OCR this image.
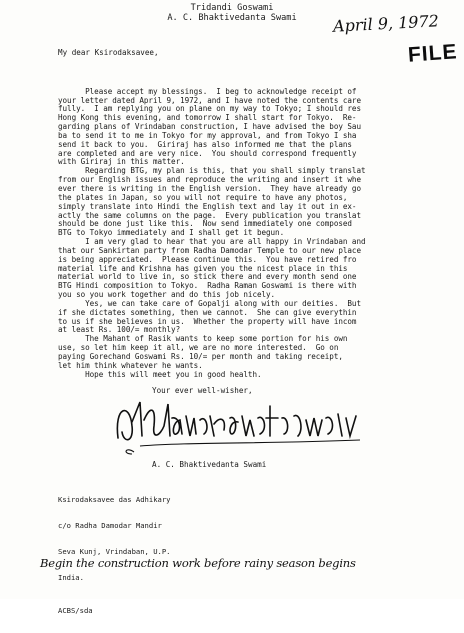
Tridandi Goswami
A. C. Bhaktivedanta Swami	April 9, 1972
FILE
My dear Ksirodaksavee,

Please accept my blessings.  I beg to acknowledge receipt of
your letter dated April 9, 1972, and I have noted the contents care
fully.  I am replying you on plane on my way to Tokyo; I should res
Hong Kong this evening, and tomorrow I shall start for Tokyo.  Re-
garding plans of Vrindaban construction, I have advised the boy Sau
ba to send it to me in Tokyo for my approval, and from Tokyo I sha
send it back to you.  Giriraj has also informed me that the plans
are completed and are very nice.  You should correspond frequently
with Giriraj in this matter.
Regarding BTG, my plan is this, that you shall simply translat
from our English issues and reproduce the writing and insert it whe
ever there is writing in the English version.  They have already go
the plates in Japan, so you will not require to have any photos,
simply translate into Hindi the English text and lay it out in ex-
actly the same columns on the page.  Every publication you translat
should be done just like this.  Now send immediately one composed
BTG to Tokyo immediately and I shall get it begun.
I am very glad to hear that you are all happy in Vrindaban and
that our Sankirtan party from Radha Damodar Temple to our new place
is being appreciated.  Please continue this.  You have retired fro
material life and Krishna has given you the nicest place in this
material world to live in, so stick there and every month send one
BTG Hindi composition to Tokyo.  Radha Raman Goswami is there with
you so you work together and do this job nicely.
Yes, we can take care of Gopalji along with our deities.  But
if she dictates something, then we cannot.  She can give everythin
to us if she believes in us.  Whether the property will have incom
at least Rs. 100/= monthly?
The Mahant of Rasik wants to keep some portion for his own
use, so let him keep it all, we are no more interested.  Go on
paying Gorechand Goswami Rs. 10/= per month and taking receipt,
let him think whatever he wants.
Hope this will meet you in good health.

Your ever well-wisher,
A. C. Bhaktivedanta Swami

Ksirodaksavee das Adhikary

c/o Radha Damodar Mandir

Seva Kunj, Vrindaban, U.P.

India.

ACBS/sda

Begin the construction work before rainy season begins
